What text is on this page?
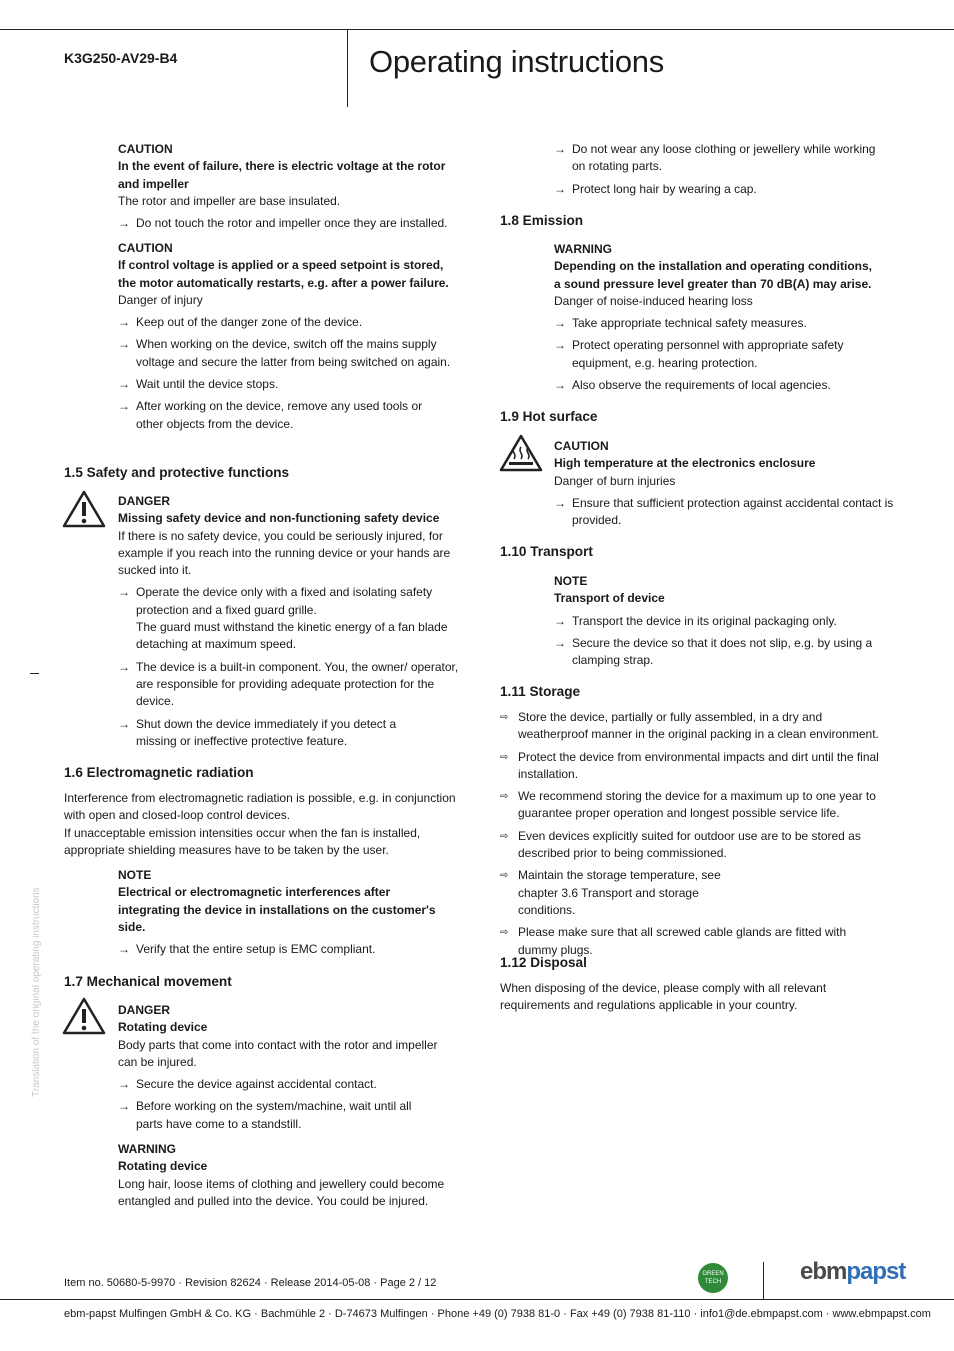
K3G250-AV29-B4	Operating instructions
Translation of the original operating instructions

CAUTION

In the event of failure, there is electric voltage at the rotor and impeller

The rotor and impeller are base insulated.

→ Do not touch the rotor and impeller once they are installed.

CAUTION

If control voltage is applied or a speed setpoint is stored, the motor automatically restarts, e.g. after a power failure.

Danger of injury

→ Keep out of the danger zone of the device.
→ When working on the device, switch off the mains supply voltage and secure the latter from being switched on again.
→ Wait until the device stops.
→ After working on the device, remove any used tools or other objects from the device.

1.5 Safety and protective functions

DANGER

Missing safety device and non-functioning safety device

If there is no safety device, you could be seriously injured, for example if you reach into the running device or your hands are sucked into it.

→ Operate the device only with a fixed and isolating safety protection and a fixed guard grille.
The guard must withstand the kinetic energy of a fan blade detaching at maximum speed.
→ The device is a built-in component. You, the owner/ operator, are responsible for providing adequate protection for the device.
→ Shut down the device immediately if you detect a missing or ineffective protective feature.

1.6 Electromagnetic radiation

Interference from electromagnetic radiation is possible, e.g. in conjunction with open and closed-loop control devices.

If unacceptable emission intensities occur when the fan is installed, appropriate shielding measures have to be taken by the user.

NOTE

Electrical or electromagnetic interferences after integrating the device in installations on the customer's side.

→ Verify that the entire setup is EMC compliant.

1.7 Mechanical movement

DANGER

Rotating device

Body parts that come into contact with the rotor and impeller can be injured.

→ Secure the device against accidental contact.
→ Before working on the system/machine, wait until all parts have come to a standstill.

WARNING

Rotating device

Long hair, loose items of clothing and jewellery could become entangled and pulled into the device. You could be injured.

→ Do not wear any loose clothing or jewellery while working on rotating parts.
→ Protect long hair by wearing a cap.

1.8 Emission

WARNING

Depending on the installation and operating conditions, a sound pressure level greater than 70 dB(A) may arise.

Danger of noise-induced hearing loss

→ Take appropriate technical safety measures.
→ Protect operating personnel with appropriate safety equipment, e.g. hearing protection.
→ Also observe the requirements of local agencies.

1.9 Hot surface

CAUTION

High temperature at the electronics enclosure

Danger of burn injuries

→ Ensure that sufficient protection against accidental contact is provided.

1.10 Transport

NOTE

Transport of device

→ Transport the device in its original packaging only.
→ Secure the device so that it does not slip, e.g. by using a clamping strap.

1.11 Storage

⇨ Store the device, partially or fully assembled, in a dry and weatherproof manner in the original packing in a clean environment.
⇨ Protect the device from environmental impacts and dirt until the final installation.
⇨ We recommend storing the device for a maximum up to one year to guarantee proper operation and longest possible service life.
⇨ Even devices explicitly suited for outdoor use are to be stored as described prior to being commissioned.
⇨ Maintain the storage temperature, see chapter 3.6 Transport and storage conditions.
⇨ Please make sure that all screwed cable glands are fitted with dummy plugs.

1.12 Disposal

When disposing of the device, please comply with all relevant requirements and regulations applicable in your country.

Item no. 50680-5-9970 · Revision 82624 · Release 2014-05-08 · Page 2 / 12
GREEN TECH	ebmpapst
ebm-papst Mulfingen GmbH & Co. KG · Bachmühle 2 · D-74673 Mulfingen · Phone +49 (0) 7938 81-0 · Fax +49 (0) 7938 81-110 · info1@de.ebmpapst.com · www.ebmpapst.com
